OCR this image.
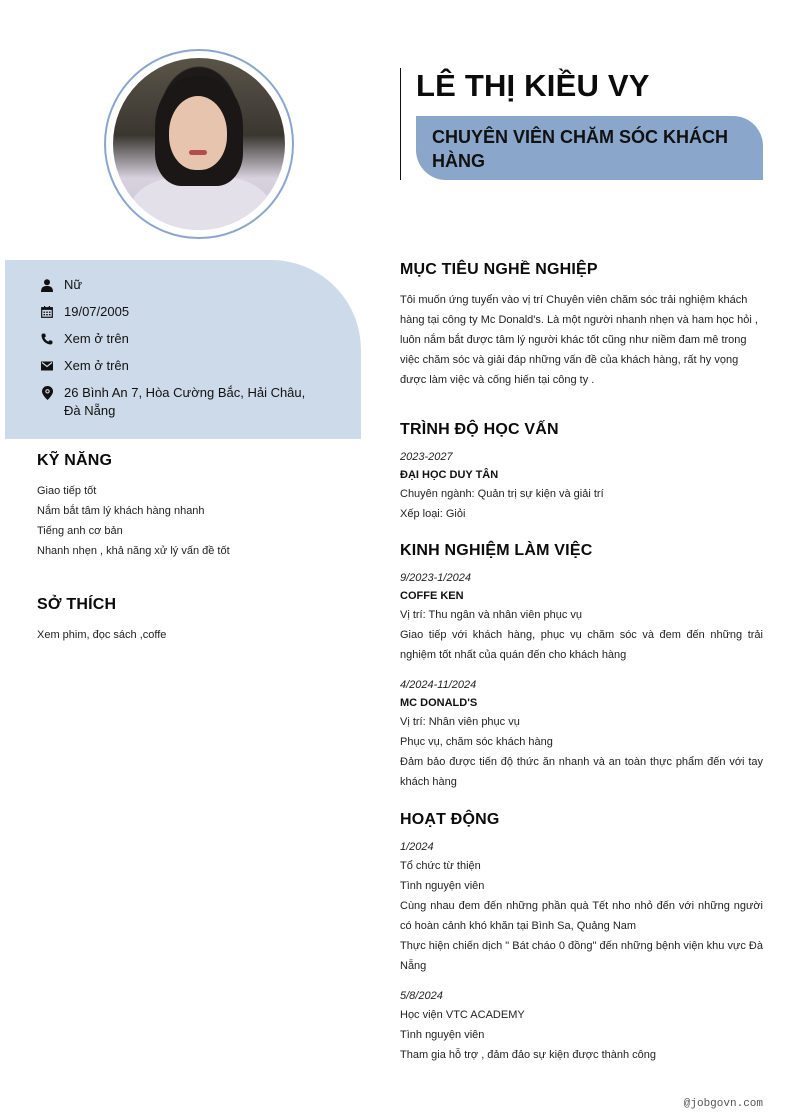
LÊ THỊ KIỀU VY
CHUYÊN VIÊN CHĂM SÓC KHÁCH HÀNG
Nữ
19/07/2005
Xem ở trên
Xem ở trên
26 Bình An 7, Hòa Cường Bắc, Hải Châu, Đà Nẵng
KỸ NĂNG
Giao tiếp tốt
Nắm bắt tâm lý khách hàng nhanh
Tiếng anh cơ bản
Nhanh nhẹn , khả năng xử lý vấn đề tốt
SỞ THÍCH
Xem phim, đọc sách ,coffe
MỤC TIÊU NGHỀ NGHIỆP
Tôi muốn ứng tuyển vào vị trí Chuyên viên chăm sóc trải nghiệm khách hàng tại công ty Mc Donald's. Là một người nhanh nhẹn và ham học hỏi , luôn nắm bắt được tâm lý người khác tốt cũng như niềm đam mê trong việc chăm sóc và giải đáp những vấn đề của khách hàng, rất hy vọng được làm việc và cống hiến tại công ty .
TRÌNH ĐỘ HỌC VẤN
2023-2027
ĐẠI HỌC DUY TÂN
Chuyên ngành: Quản trị sự kiện và giải trí
Xếp loại: Giỏi
KINH NGHIỆM LÀM VIỆC
9/2023-1/2024
COFFE KEN
Vị trí: Thu ngân và nhân viên phục vụ
Giao tiếp với khách hàng, phục vụ chăm sóc và đem đến những trải nghiệm tốt nhất của quán đến cho khách hàng
4/2024-11/2024
MC DONALD'S
Vị trí: Nhân viên phục vụ
Phục vụ, chăm sóc khách hàng
Đảm bảo được tiến độ thức ăn nhanh và an toàn thực phẩm đến với tay khách hàng
HOẠT ĐỘNG
1/2024
Tổ chức từ thiện
Tình nguyện viên
Cùng nhau đem đến những phần quà Tết nho nhỏ đến với những người có hoàn cảnh khó khăn tại Bình Sa, Quảng Nam
Thực hiện chiến dịch " Bát cháo 0 đồng" đến những bệnh viện khu vực Đà Nẵng
5/8/2024
Học viện VTC ACADEMY
Tình nguyện viên
Tham gia hỗ trợ , đảm đảo sự kiện được thành công
@jobgovn.com
